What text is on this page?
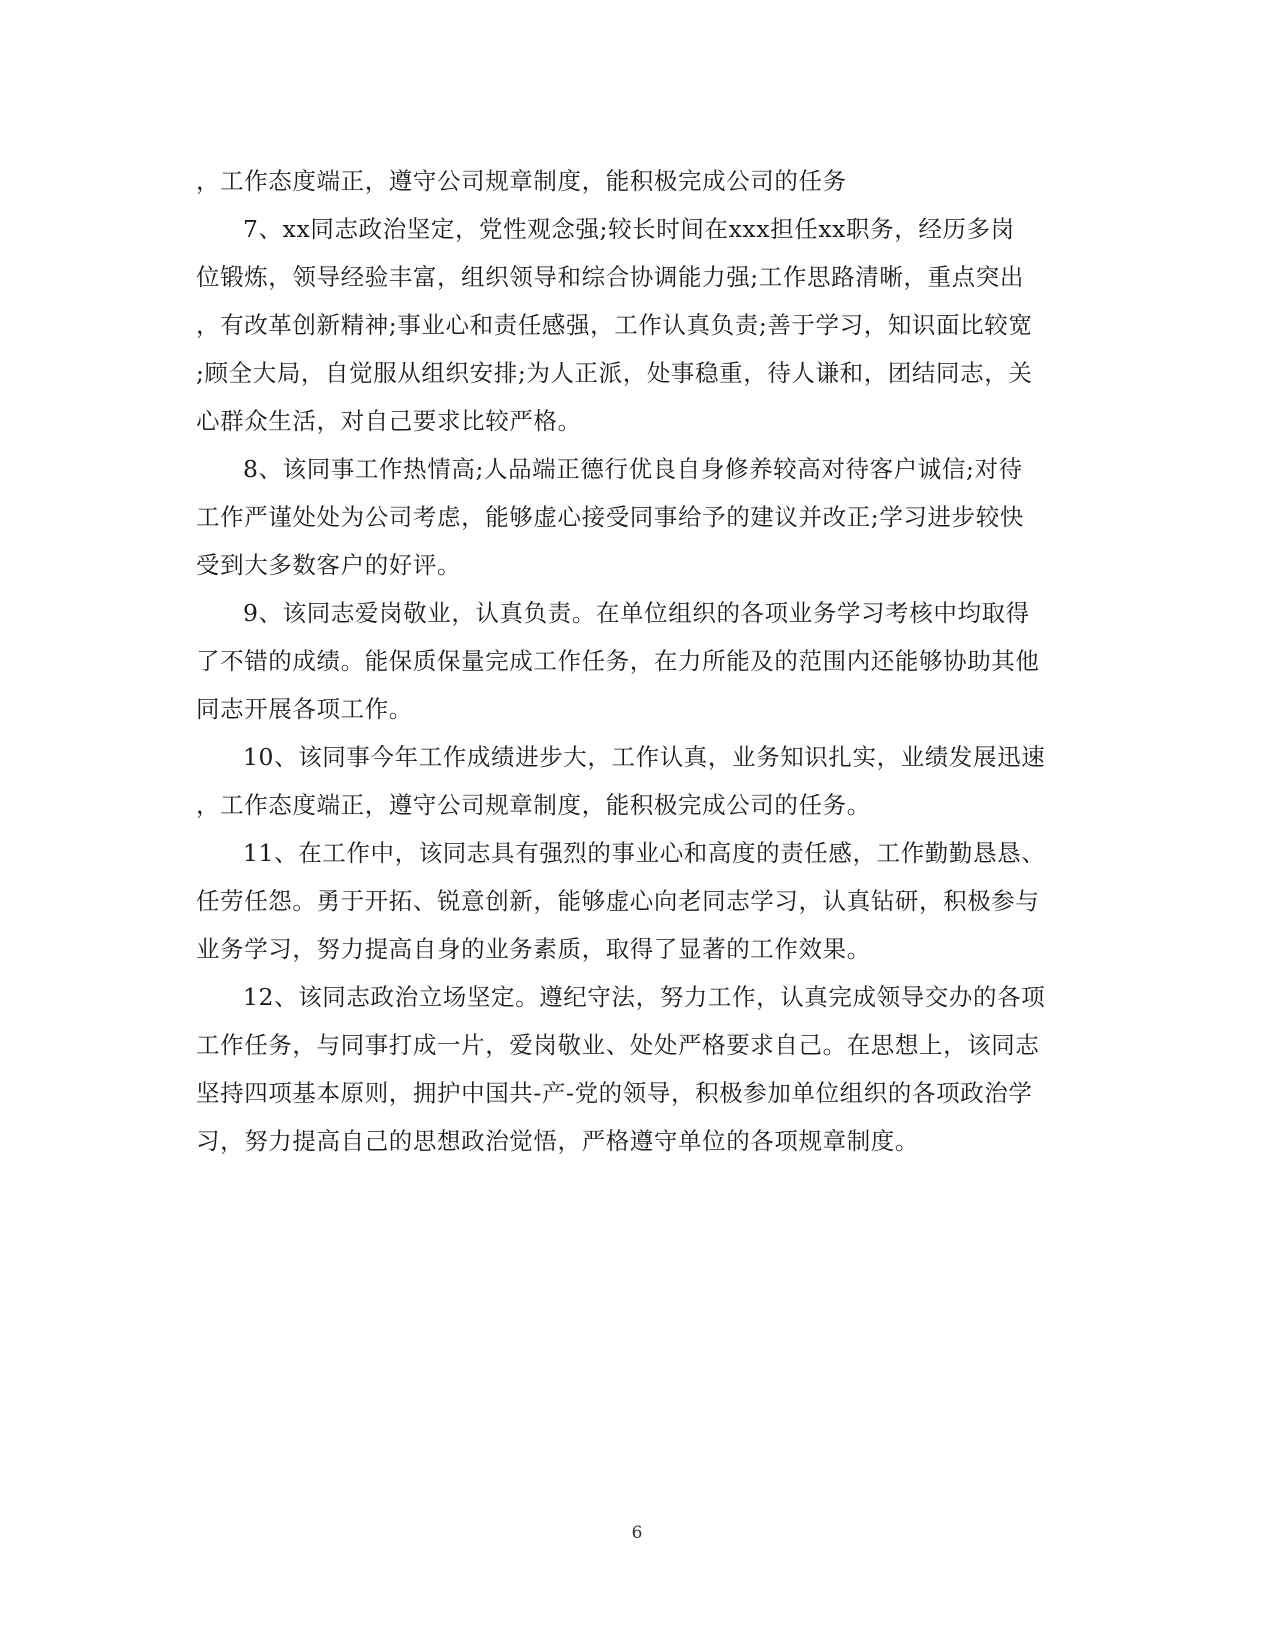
，工作态度端正，遵守公司规章制度，能积极完成公司的任务
7、xx同志政治坚定，党性观念强;较长时间在xxx担任xx职务，经历多岗
位锻炼，领导经验丰富，组织领导和综合协调能力强;工作思路清晰，重点突出
，有改革创新精神;事业心和责任感强，工作认真负责;善于学习，知识面比较宽
;顾全大局，自觉服从组织安排;为人正派，处事稳重，待人谦和，团结同志，关
心群众生活，对自己要求比较严格。
8、该同事工作热情高;人品端正德行优良自身修养较高对待客户诚信;对待
工作严谨处处为公司考虑，能够虚心接受同事给予的建议并改正;学习进步较快
受到大多数客户的好评。
9、该同志爱岗敬业，认真负责。在单位组织的各项业务学习考核中均取得
了不错的成绩。能保质保量完成工作任务，在力所能及的范围内还能够协助其他
同志开展各项工作。
10、该同事今年工作成绩进步大，工作认真，业务知识扎实，业绩发展迅速
，工作态度端正，遵守公司规章制度，能积极完成公司的任务。
11、在工作中，该同志具有强烈的事业心和高度的责任感，工作勤勤恳恳、
任劳任怨。勇于开拓、锐意创新，能够虚心向老同志学习，认真钻研，积极参与
业务学习，努力提高自身的业务素质，取得了显著的工作效果。
12、该同志政治立场坚定。遵纪守法，努力工作，认真完成领导交办的各项
工作任务，与同事打成一片，爱岗敬业、处处严格要求自己。在思想上，该同志
坚持四项基本原则，拥护中国共-产-党的领导，积极参加单位组织的各项政治学
习，努力提高自己的思想政治觉悟，严格遵守单位的各项规章制度。
6
